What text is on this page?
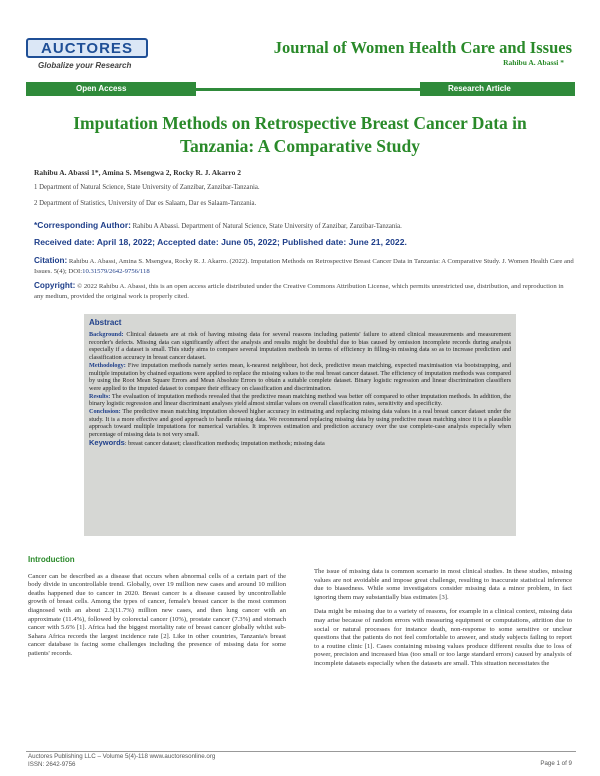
AUCTORES
Globalize your Research
Journal of Women Health Care and Issues
Rahibu A. Abassi *
Open Access	Research Article
Imputation Methods on Retrospective Breast Cancer Data in Tanzania: A Comparative Study
Rahibu A. Abassi 1*, Amina S. Msengwa 2, Rocky R. J. Akarro 2
1 Department of Natural Science, State University of Zanzibar, Zanzibar-Tanzania.
2 Department of Statistics, University of Dar es Salaam, Dar es Salaam-Tanzania.
*Corresponding Author: Rahibu A Abassi. Department of Natural Science, State University of Zanzibar, Zanzibar-Tanzania.
Received date: April 18, 2022; Accepted date: June 05, 2022; Published date: June 21, 2022.
Citation: Rahibu A. Abassi, Amina S. Msengwa, Rocky R. J. Akarro. (2022). Imputation Methods on Retrospective Breast Cancer Data in Tanzania: A Comparative Study. J. Women Health Care and Issues. 5(4); DOI:10.31579/2642-9756/118
Copyright: © 2022 Rahibu A. Abassi, this is an open access article distributed under the Creative Commons Attribution License, which permits unrestricted use, distribution, and reproduction in any medium, provided the original work is properly cited.
Abstract

Background: Clinical datasets are at risk of having missing data for several reasons including patients' failure to attend clinical measurements and measurement recorder's defects. Missing data can significantly affect the analysis and results might be doubtful due to bias caused by omission incomplete records during analysis especially if a dataset is small. This study aims to compare several imputation methods in terms of efficiency in filling-in missing data so as to increase prediction and classification accuracy in breast cancer dataset.

Methodology: Five imputation methods namely series mean, k-nearest neighbour, hot deck, predictive mean matching, expected maximisation via bootstrapping, and multiple imputation by chained equations were applied to replace the missing values to the real breast cancer dataset. The efficiency of imputation methods was compared by using the Root Mean Square Errors and Mean Absolute Errors to obtain a suitable complete dataset. Binary logistic regression and linear discrimination classifiers were applied to the imputed dataset to compare their efficacy on classification and discrimination.

Results: The evaluation of imputation methods revealed that the predictive mean matching method was better off compared to other imputation methods. In addition, the binary logistic regression and linear discriminant analyses yield almost similar values on overall classification rates, sensitivity and specificity.

Conclusion: The predictive mean matching imputation showed higher accuracy in estimating and replacing missing data values in a real breast cancer dataset under the study. It is a more effective and good approach to handle missing data. We recommend replacing missing data by using predictive mean matching since it is a plausible approach toward multiple imputations for numerical variables. It improves estimation and prediction accuracy over the use complete-case analysis especially when percentage of missing data is not very small.

Keywords: breast cancer dataset; classification methods; imputation methods; missing data

Introduction

Cancer can be described as a disease that occurs when abnormal cells of a certain part of the body divide in uncontrollable trend. Globally, over 19 million new cases and around 10 million deaths happened due to cancer in 2020. Breast cancer is a disease caused by uncontrollable growth of breast cells. Among the types of cancer, female's breast cancer is the most common diagnosed with an about 2.3(11.7%) million new cases, and then lung cancer with an approximate (11.4%), followed by colorectal cancer (10%), prostate cancer (7.3%) and stomach cancer with 5.6% [1]. Africa had the biggest mortality rate of breast cancer globally whilst sub-Sahara Africa records the largest incidence rate [2]. Like in other countries, Tanzania's breast cancer database is facing some challenges including the presence of missing data for some patients' records.

The issue of missing data is common scenario in most clinical studies. In these studies, missing values are not avoidable and impose great challenge, resulting to inaccurate statistical inference due to biasedness. While some investigators consider missing data a minor problem, in fact ignoring them may substantially bias estimates [3].

Data might be missing due to a variety of reasons, for example in a clinical context, missing data may arise because of random errors with measuring equipment or computations, attrition due to social or natural processes for instance death, non-response to some sensitive or unclear questions that the patients do not feel comfortable to answer, and study subjects failing to report to a routine clinic [1]. Cases containing missing values produce different results due to loss of power, precision and increased bias (too small or too large standard errors) caused by analysis of incomplete datasets especially when the datasets are small. This situation necessitates the

Auctores Publishing LLC – Volume 5(4)-118 www.auctoresonline.org
ISSN: 2642-9756	Page 1 of 9
